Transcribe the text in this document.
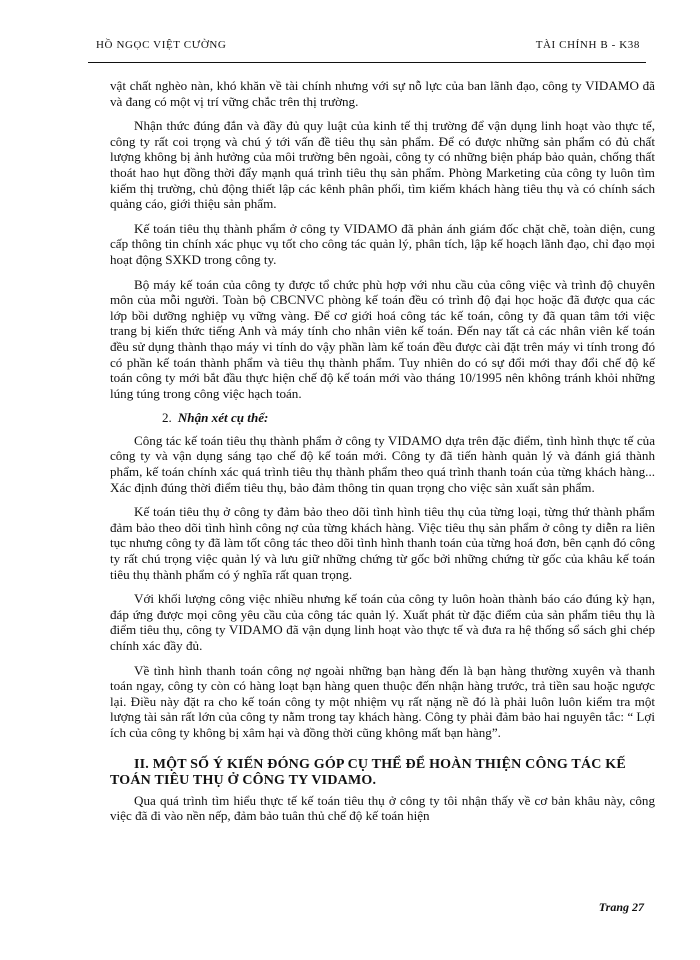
HỒ NGỌC VIỆT CƯỜNG	TÀI CHÍNH B - K38

vật chất nghèo nàn, khó khăn về tài chính nhưng với sự nỗ lực của ban lãnh đạo, công ty VIDAMO đã và đang có một vị trí vững chắc trên thị trường.

Nhận thức đúng đắn và đầy đủ quy luật của kinh tế thị trường để vận dụng linh hoạt vào thực tế, công ty rất coi trọng và chú ý tới vấn đề tiêu thụ sản phẩm. Để có được những sản phẩm có đủ chất lượng không bị ảnh hưởng của môi trường bên ngoài, công ty có những biện pháp bảo quản, chống thất thoát hao hụt đồng thời đẩy mạnh quá trình tiêu thụ sản phẩm. Phòng Marketing của công ty luôn tìm kiếm thị trường, chủ động thiết lập các kênh phân phối, tìm kiếm khách hàng tiêu thụ và có chính sách quảng cáo, giới thiệu sản phẩm.

Kế toán tiêu thụ thành phẩm ở công ty VIDAMO đã phản ánh giám đốc chặt chẽ, toàn diện, cung cấp thông tin chính xác phục vụ tốt cho công tác quản lý, phân tích, lập kế hoạch lãnh đạo, chỉ đạo mọi hoạt động SXKD trong công ty.

Bộ máy kế toán của công ty được tổ chức phù hợp với nhu cầu của công việc và trình độ chuyên môn của mỗi người. Toàn bộ CBCNVC phòng kế toán đều có trình độ đại học hoặc đã được qua các lớp bồi dưỡng nghiệp vụ vững vàng. Để cơ giới hoá công tác kế toán, công ty đã quan tâm tới việc trang bị kiến thức tiếng Anh và máy tính cho nhân viên kế toán. Đến nay tất cả các nhân viên kế toán đều sử dụng thành thạo máy vi tính do vậy phần làm kế toán đều được cài đặt trên máy vi tính trong đó có phần kế toán thành phẩm và tiêu thụ thành phẩm. Tuy nhiên do có sự đổi mới thay đổi chế độ kế toán công ty mới bắt đầu thực hiện chế độ kế toán mới vào tháng 10/1995 nên không tránh khỏi những lúng túng trong công việc hạch toán.

2. Nhận xét cụ thể:

Công tác kế toán tiêu thụ thành phẩm ở công ty VIDAMO dựa trên đặc điểm, tình hình thực tế của công ty và vận dụng sáng tạo chế độ kế toán mới. Công ty đã tiến hành quản lý và đánh giá thành phẩm, kế toán chính xác quá trình tiêu thụ thành phẩm theo quá trình thanh toán của từng khách hàng... Xác định đúng thời điểm tiêu thụ, bảo đảm thông tin quan trọng cho việc sản xuất sản phẩm.

Kế toán tiêu thụ ở công ty đảm bảo theo dõi tình hình tiêu thụ của từng loại, từng thứ thành phẩm đảm bảo theo dõi tình hình công nợ của từng khách hàng. Việc tiêu thụ sản phẩm ở công ty diễn ra liên tục nhưng công ty đã làm tốt công tác theo dõi tình hình thanh toán của từng hoá đơn, bên cạnh đó công ty rất chú trọng việc quản lý và lưu giữ những chứng từ gốc bởi những chứng từ gốc của khâu kế toán tiêu thụ thành phẩm có ý nghĩa rất quan trọng.

Với khối lượng công việc nhiều nhưng kế toán của công ty luôn hoàn thành báo cáo đúng kỳ hạn, đáp ứng được mọi công yêu cầu của công tác quản lý. Xuất phát từ đặc điểm của sản phẩm tiêu thụ là điểm tiêu thụ, công ty VIDAMO đã vận dụng linh hoạt vào thực tế và đưa ra hệ thống sổ sách ghi chép chính xác đầy đủ.

Về tình hình thanh toán công nợ ngoài những bạn hàng đến là bạn hàng thường xuyên và thanh toán ngay, công ty còn có hàng loạt bạn hàng quen thuộc đến nhận hàng trước, trả tiền sau hoặc ngược lại. Điều này đặt ra cho kế toán công ty một nhiệm vụ rất nặng nề đó là phải luôn luôn kiểm tra một lượng tài sản rất lớn của công ty nằm trong tay khách hàng. Công ty phải đảm bảo hai nguyên tắc: “ Lợi ích của công ty không bị xâm hại và đồng thời cũng không mất bạn hàng”.

II. MỘT SỐ Ý KIẾN ĐÓNG GÓP CỤ THỂ ĐỂ HOÀN THIỆN CÔNG TÁC KẾ TOÁN TIÊU THỤ Ở CÔNG TY VIDAMO.

Qua quá trình tìm hiểu thực tế kế toán tiêu thụ ở công ty tôi nhận thấy về cơ bản khâu này, công việc đã đi vào nền nếp, đảm bảo tuân thủ chế độ kế toán hiện

Trang 27
